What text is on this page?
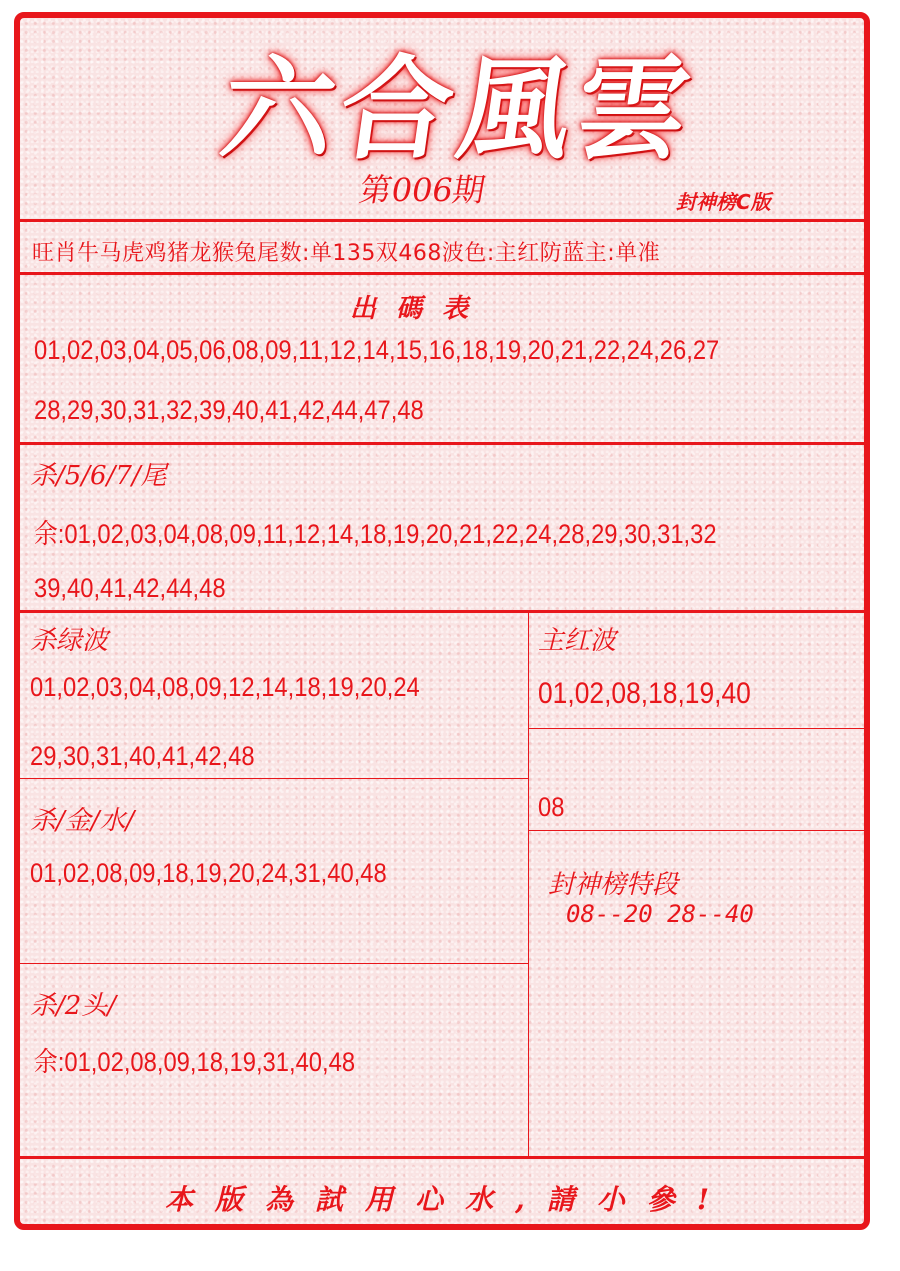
六合風雲
第006期	封神榜C版
旺肖牛马虎鸡猪龙猴兔尾数:单135双468波色:主红防蓝主:单准
出碼表
01,02,03,04,05,06,08,09,11,12,14,15,16,18,19,20,21,22,24,26,27
28,29,30,31,32,39,40,41,42,44,47,48
杀/5/6/7/尾
余:01,02,03,04,08,09,11,12,14,18,19,20,21,22,24,28,29,30,31,32
39,40,41,42,44,48
杀绿波
01,02,03,04,08,09,12,14,18,19,20,24
29,30,31,40,41,42,48
主红波
01,02,08,18,19,40
08
杀/金/水/
01,02,08,09,18,19,20,24,31,40,48	封神榜特段
08--20 28--40
杀/2头/
余:01,02,08,09,18,19,31,40,48
本版為試用心水,請小參!
